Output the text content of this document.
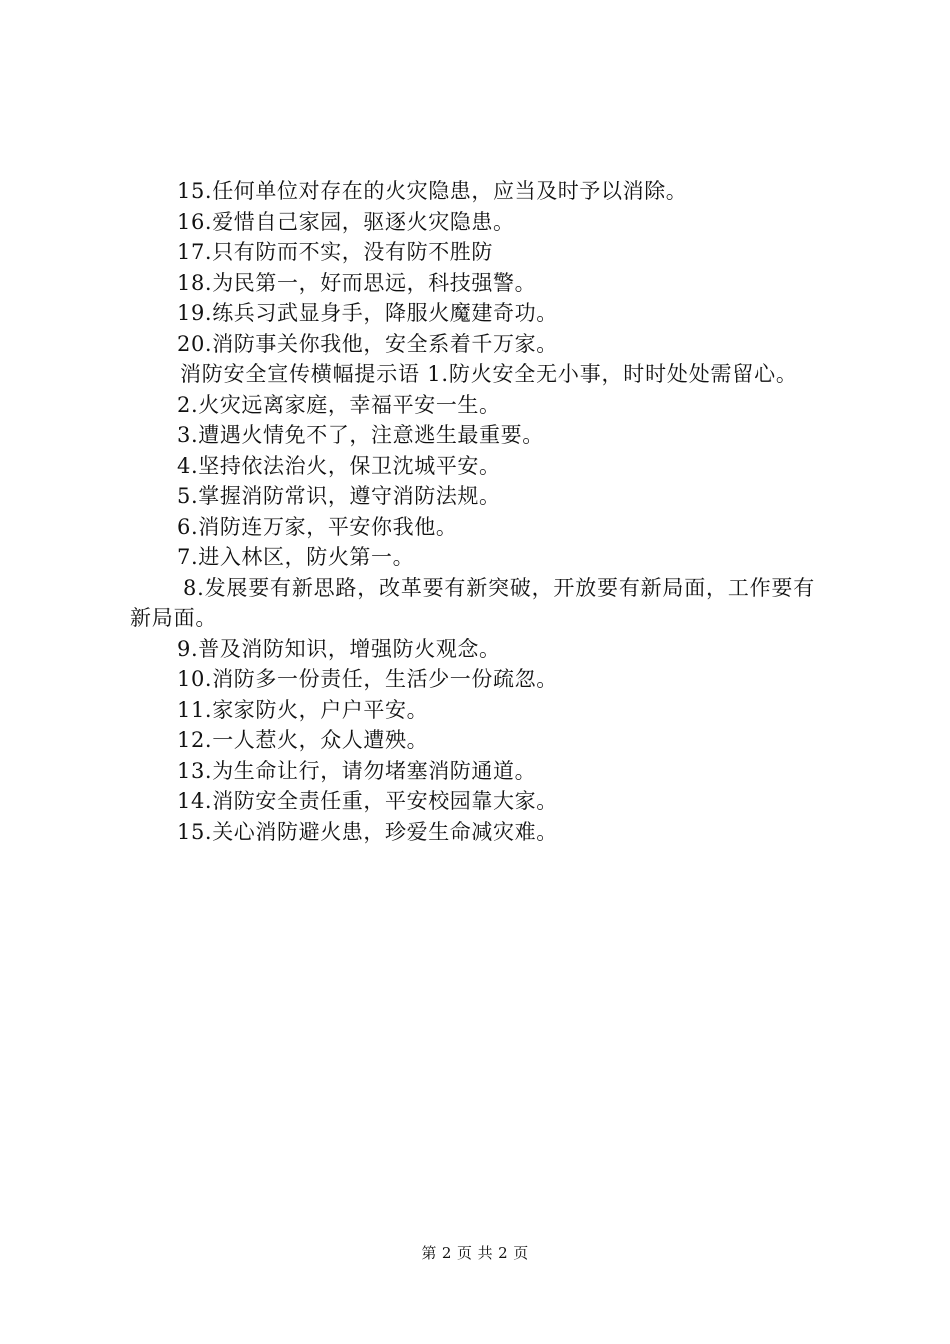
15.任何单位对存在的火灾隐患，应当及时予以消除。
16.爱惜自己家园，驱逐火灾隐患。
17.只有防而不实，没有防不胜防
18.为民第一，好而思远，科技强警。
19.练兵习武显身手，降服火魔建奇功。
20.消防事关你我他，安全系着千万家。
消防安全宣传横幅提示语 1.防火安全无小事，时时处处需留心。
2.火灾远离家庭，幸福平安一生。
3.遭遇火情免不了，注意逃生最重要。
4.坚持依法治火，保卫沈城平安。
5.掌握消防常识，遵守消防法规。
6.消防连万家，平安你我他。
7.进入林区，防火第一。
8.发展要有新思路，改革要有新突破，开放要有新局面，工作要有新局面。
9.普及消防知识，增强防火观念。
10.消防多一份责任，生活少一份疏忽。
11.家家防火，户户平安。
12.一人惹火，众人遭殃。
13.为生命让行，请勿堵塞消防通道。
14.消防安全责任重，平安校园靠大家。
15.关心消防避火患，珍爱生命减灾难。
第 2 页 共 2 页
